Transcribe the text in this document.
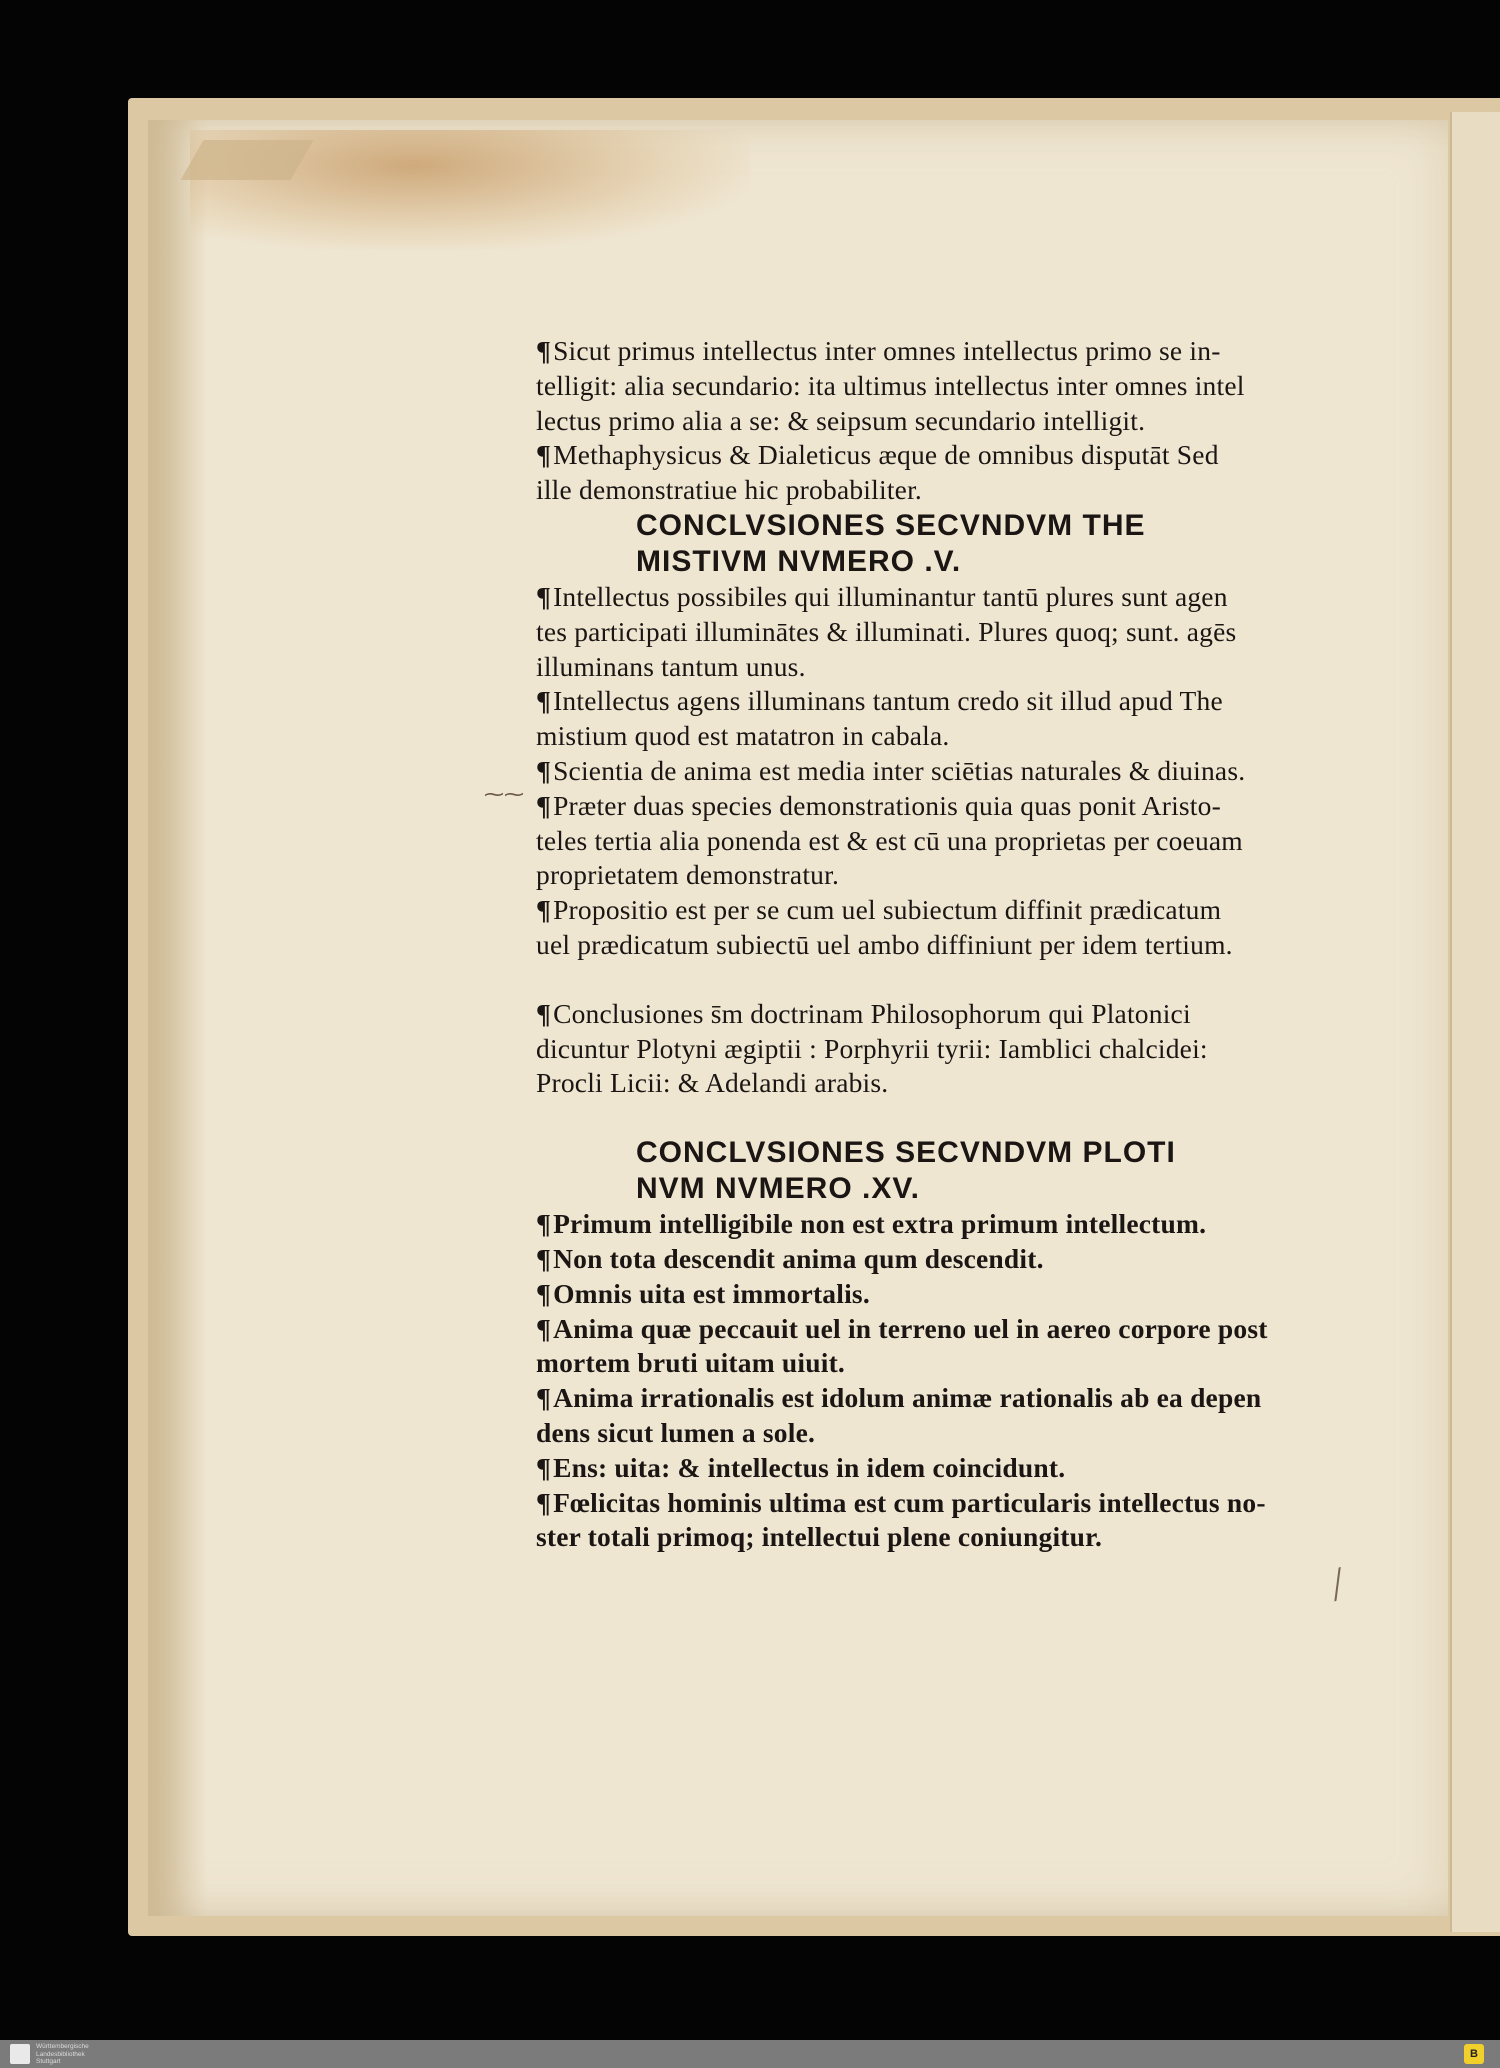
¶Sicut primus intellectus inter omnes intellectus primo se in-

telligit: alia secundario: ita ultimus intellectus inter omnes intel

lectus primo alia a se: & seipsum secundario intelligit.

¶Methaphysicus & Dialeticus æque de omnibus disputāt Sed

ille demonstratiue hic probabiliter.

CONCLVSIONES SECVNDVM THE
MISTIVM NVMERO .V.

¶Intellectus possibiles qui illuminantur tantū plures sunt agen

tes participati illuminātes & illuminati. Plures quoq; sunt. agēs

illuminans tantum unus.

¶Intellectus agens illuminans tantum credo sit illud apud The

mistium quod est matatron in cabala.

¶Scientia de anima est media inter sciētias naturales & diuinas.

¶Præter duas species demonstrationis quia quas ponit Aristo-

teles tertia alia ponenda est & est cū una proprietas per coeuam

proprietatem demonstratur.

¶Propositio est per se cum uel subiectum diffinit prædicatum

uel prædicatum subiectū uel ambo diffiniunt per idem tertium.

¶Conclusiones s̄m doctrinam Philosophorum qui Platonici

dicuntur Plotyni ægiptii : Porphyrii tyrii: Iamblici chalcidei:

Procli Licii: & Adelandi arabis.

CONCLVSIONES SECVNDVM PLOTI
NVM NVMERO .XV.

¶Primum intelligibile non est extra primum intellectum.

¶Non tota descendit anima qum descendit.

¶Omnis uita est immortalis.

¶Anima quæ peccauit uel in terreno uel in aereo corpore post

mortem bruti uitam uiuit.

¶Anima irrationalis est idolum animæ rationalis ab ea depen

dens sicut lumen a sole.

¶Ens: uita: & intellectus in idem coincidunt.

¶Fœlicitas hominis ultima est cum particularis intellectus no-

ster totali primoq; intellectui plene coniungitur.

⁓⁓
╱
Württembergische
Landesbibliothek
Stuttgart
B
